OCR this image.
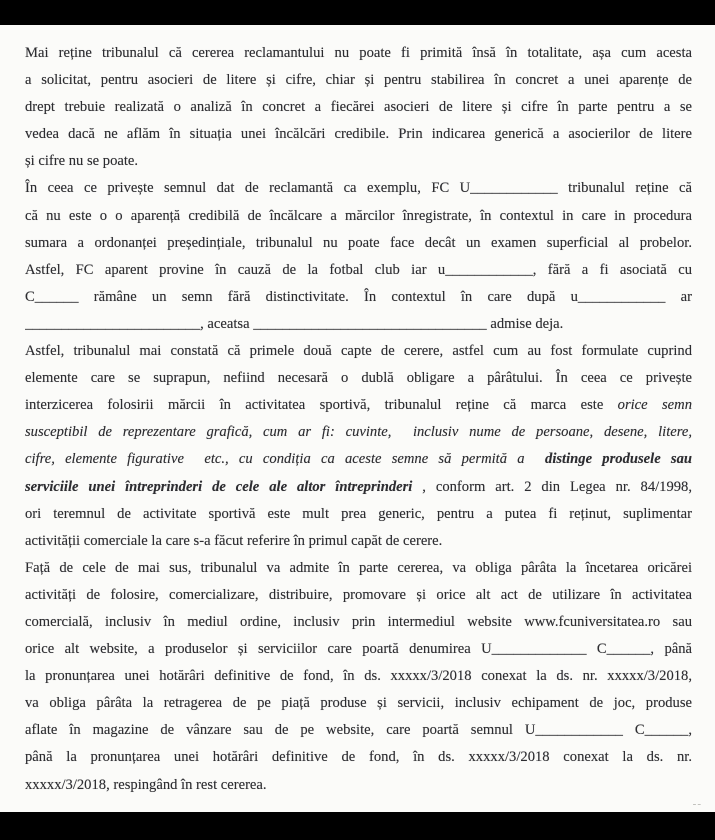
Mai reține tribunalul că cererea reclamantului nu poate fi primită însă în totalitate, așa cum acesta
a solicitat, pentru asocieri de litere și cifre, chiar și pentru stabilirea în concret a unei aparențe de
drept trebuie realizată o analiză în concret a fiecărei asocieri de litere și cifre în parte pentru a se
vedea dacă ne aflăm în situația unei încălcări credibile. Prin indicarea generică a asocierilor de litere
și cifre nu se poate.

În ceea ce privește semnul dat de reclamantă ca exemplu, FC U____________ tribunalul reține că
că nu este o o aparență credibilă de încălcare a mărcilor înregistrate, în contextul in care in procedura
sumara a ordonanței președințiale, tribunalul nu poate face decât un examen superficial al probelor.
Astfel, FC aparent provine în cauză de la fotbal club iar u____________, fără a fi asociată cu
C______ rămâne un semn fără distinctivitate. În contextul în care după u____________ ar
________________________, aceatsa ________________________________ admise deja.

Astfel, tribunalul mai constată că primele două capte de cerere, astfel cum au fost formulate cuprind
elemente care se suprapun, nefiind necesară o dublă obligare a pârâtului. În ceea ce privește
interzicerea folosirii mărcii în activitatea sportivă, tribunalul reține că marca este orice semn
susceptibil de reprezentare grafică, cum ar fi: cuvinte,  inclusiv nume de persoane, desene, litere,
cifre, elemente figurative  etc., cu condiția ca aceste semne să permită a  distinge produsele sau
serviciile unei întreprinderi de cele ale altor întreprinderi , conform art. 2 din Legea nr. 84/1998,
ori teremnul de activitate sportivă este mult prea generic, pentru a putea fi reținut, suplimentar
activității comerciale la care s-a făcut referire în primul capăt de cerere.

Față de cele de mai sus, tribunalul va admite în parte cererea, va obliga pârâta la încetarea oricărei
activități de folosire, comercializare, distribuire, promovare și orice alt act de utilizare în activitatea
comercială, inclusiv în mediul ordine, inclusiv prin intermediul website www.fcuniversitatea.ro sau
orice alt website, a produselor și serviciilor care poartă denumirea U_____________ C______, până
la pronunțarea unei hotărâri definitive de fond, în ds. xxxxx/3/2018 conexat la ds. nr. xxxxx/3/2018,
va obliga pârâta la retragerea de pe piață produse și servicii, inclusiv echipament de joc, produse
aflate în magazine de vânzare sau de pe website, care poartă semnul U____________ C______,
până la pronunțarea unei hotărâri definitive de fond, în ds. xxxxx/3/2018 conexat la ds. nr.
xxxxx/3/2018, respingând în rest cererea.

--
